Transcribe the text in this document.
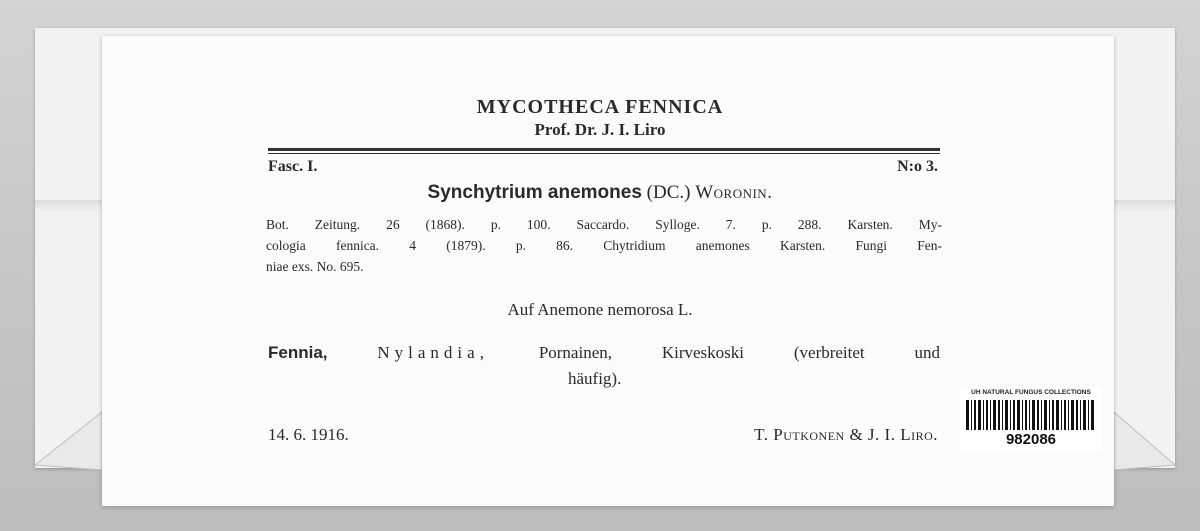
MYCOTHECA FENNICA
Prof. Dr. J. I. Liro
Fasc. I.	N:o 3.
Synchytrium anemones (DC.) Woronin.
Bot. Zeitung. 26 (1868). p. 100. Saccardo. Sylloge. 7. p. 288. Karsten. My-
cologia fennica. 4 (1879). p. 86. Chytridium anemones Karsten. Fungi Fen-
niae exs. No. 695.
Auf Anemone nemorosa L.
Fennia,	Nylandia,	Pornainen, Kirveskoski (verbreitet und
häufig).
14. 6. 1916.	T. Putkonen & J. I. Liro.
UH NATURAL FUNGUS COLLECTIONS
982086
